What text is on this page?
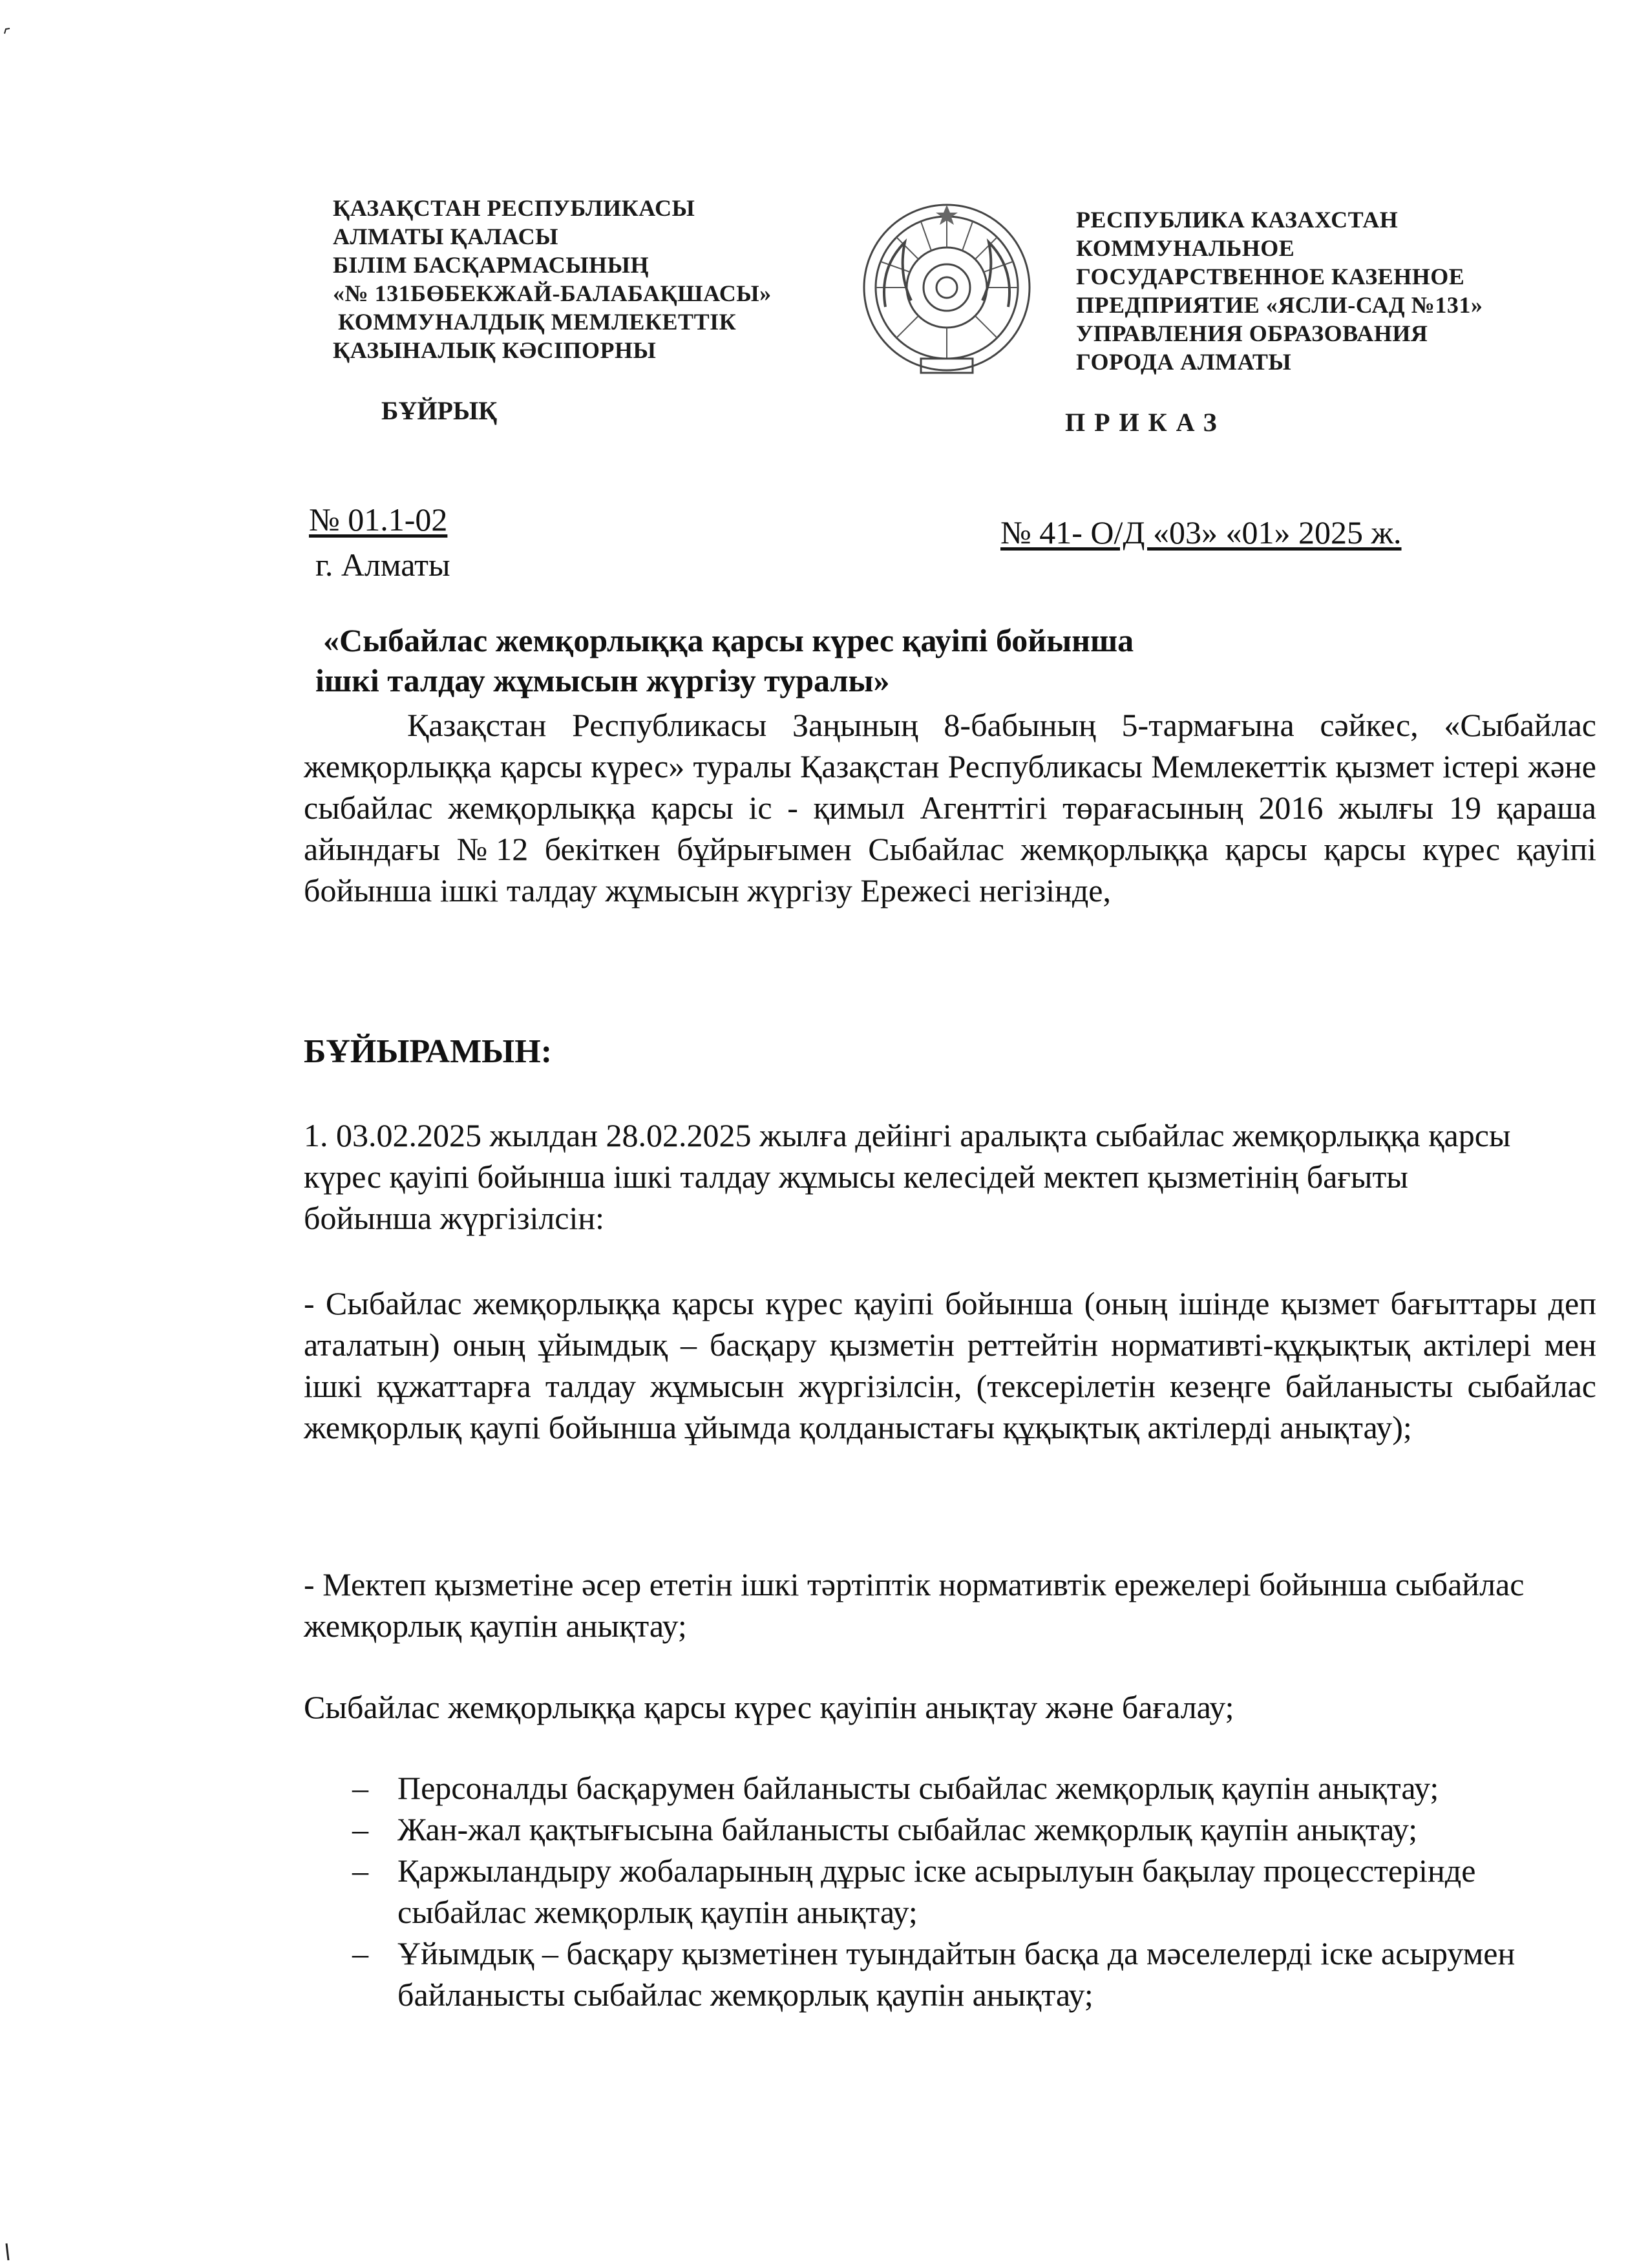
ҚАЗАҚСТАН РЕСПУБЛИКАСЫ
АЛМАТЫ ҚАЛАСЫ
БІЛІМ БАСҚАРМАСЫНЫҢ
«№ 131БӨБЕКЖАЙ-БАЛАБАҚШАСЫ»
КОММУНАЛДЫҚ МЕМЛЕКЕТТІК
ҚАЗЫНАЛЫҚ КӘСІПОРНЫ
РЕСПУБЛИКА КАЗАХСТАН
КОММУНАЛЬНОЕ
ГОСУДАРСТВЕННОЕ КАЗЕННОЕ
ПРЕДПРИЯТИЕ «ЯСЛИ-САД №131»
УПРАВЛЕНИЯ ОБРАЗОВАНИЯ
ГОРОДА АЛМАТЫ
БҰЙРЫҚ	ПРИКАЗ
№ 01.1-02
г. Алматы
№ 41- О/Д «03» «01» 2025 ж.
«Сыбайлас жемқорлыққа қарсы күрес қауіпі бойынша
ішкі талдау жұмысын жүргізу туралы»
Қазақстан Республикасы Заңының 8-бабының 5-тармағына сәйкес, «Сыбайлас жемқорлыққа қарсы күрес» туралы Қазақстан Республикасы Мемлекеттік қызмет істері және сыбайлас жемқорлыққа қарсы іс - қимыл Агенттігі төрағасының 2016 жылғы 19 қараша айындағы №12 бекіткен бұйрығымен Сыбайлас жемқорлыққа қарсы қарсы күрес қауіпі бойынша ішкі талдау жұмысын жүргізу Ережесі негізінде,
БҰЙЫРАМЫН:
1. 03.02.2025 жылдан 28.02.2025 жылға дейінгі аралықта сыбайлас жемқорлыққа қарсы күрес қауіпі бойынша ішкі талдау жұмысы келесідей мектеп қызметінің бағыты бойынша жүргізілсін:
- Сыбайлас жемқорлыққа қарсы күрес қауіпі бойынша (оның ішінде қызмет бағыттары деп аталатын) оның ұйымдық – басқару қызметін реттейтін нормативті-құқықтық актілері мен ішкі құжаттарға талдау жұмысын жүргізілсін, (тексерілетін кезеңге байланысты сыбайлас жемқорлық қаупі бойынша ұйымда қолданыстағы құқықтық актілерді анықтау);
- Мектеп қызметіне әсер ететін ішкі тәртіптік нормативтік ережелері бойынша сыбайлас жемқорлық қаупін анықтау;
Сыбайлас жемқорлыққа қарсы күрес қауіпін анықтау және бағалау;
– Персоналды басқарумен байланысты сыбайлас жемқорлық қаупін анықтау;
– Жан-жал қақтығысына байланысты сыбайлас жемқорлық қаупін анықтау;
– Қаржыландыру жобаларының дұрыс іске асырылуын бақылау процесстерінде сыбайлас жемқорлық қаупін анықтау;
– Ұйымдық – басқару қызметінен туындайтын басқа да мәселелерді іске асырумен байланысты сыбайлас жемқорлық қаупін анықтау;
